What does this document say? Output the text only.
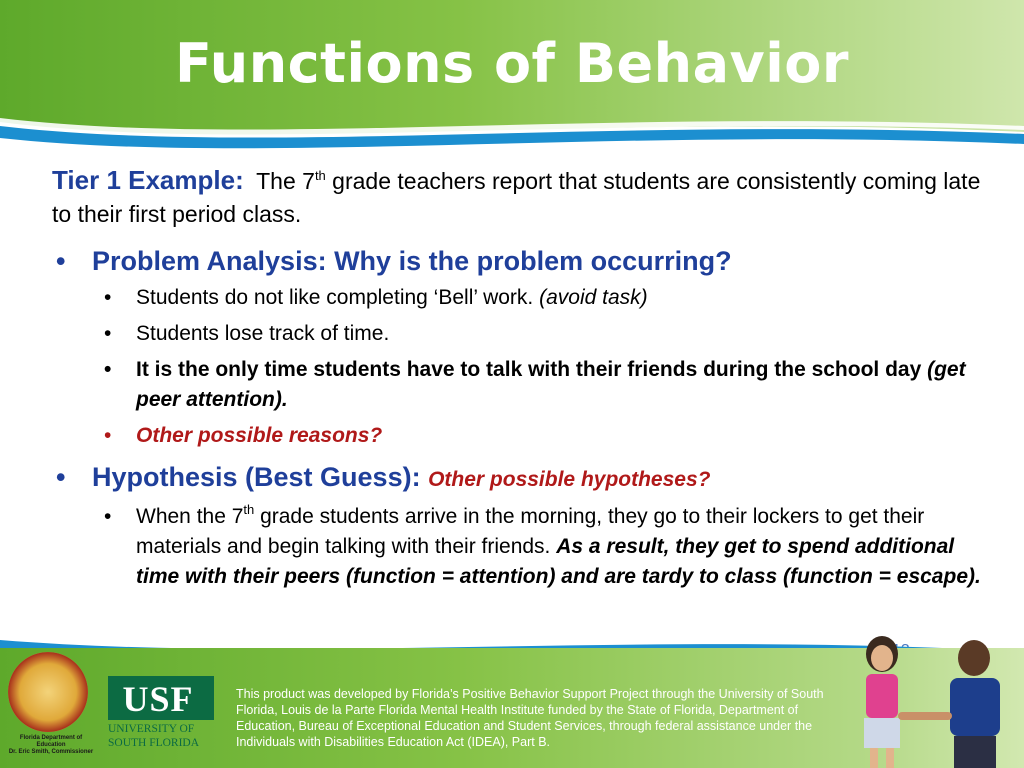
Functions of Behavior
Tier 1 Example: The 7th grade teachers report that students are consistently coming late to their first period class.
• Problem Analysis: Why is the problem occurring?
• Students do not like completing ‘Bell’ work. (avoid task)
• Students lose track of time.
• It is the only time students have to talk with their friends during the school day (get peer attention).
• Other possible reasons?
• Hypothesis (Best Guess): Other possible hypotheses?
• When the 7th grade students arrive in the morning, they go to their lockers to get their materials and begin talking with their friends. As a result, they get to spend additional time with their peers (function = attention) and are tardy to class (function = escape).
Florida Department of Education
Dr. Eric Smith, Commissioner
USF
UNIVERSITY OF
SOUTH FLORIDA
This product was developed by Florida’s Positive Behavior Support Project through the University of South Florida, Louis de la Parte Florida Mental Health Institute funded by the State of Florida, Department of Education, Bureau of Exceptional Education and Student Services, through federal assistance under the Individuals with Disabilities Education Act (IDEA), Part B.
